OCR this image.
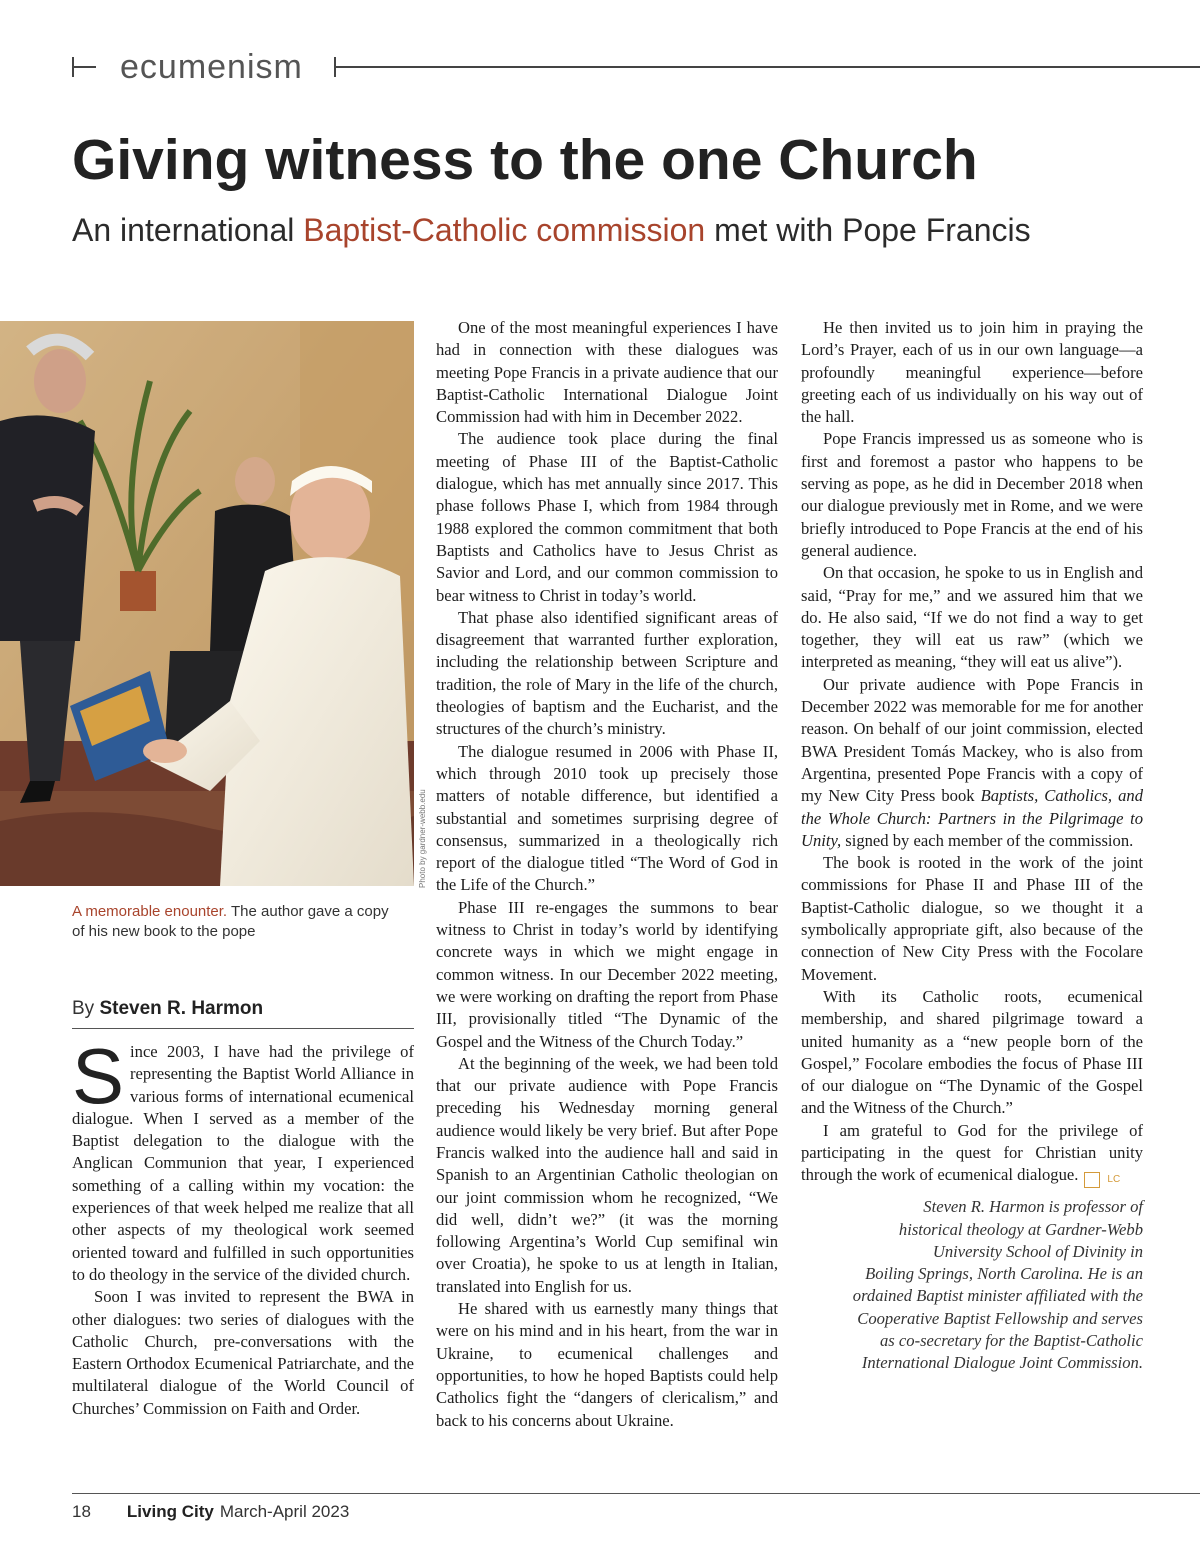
ecumenism
Giving witness to the one Church

An international Baptist-Catholic commission met with Pope Francis

Photo by gardner-webb.edu
A memorable enounter. The author gave a copy of his new book to the pope
By Steven R. Harmon

Since 2003, I have had the privilege of representing the Baptist World Alliance in various forms of international ecumenical dialogue. When I served as a member of the Baptist delegation to the dialogue with the Anglican Communion that year, I experienced something of a calling within my vocation: the experiences of that week helped me realize that all other aspects of my theological work seemed oriented toward and fulfilled in such opportunities to do theology in the service of the divided church.

Soon I was invited to represent the BWA in other dialogues: two series of dialogues with the Catholic Church, pre-conversations with the Eastern Orthodox Ecumenical Patriarchate, and the multilateral dialogue of the World Council of Churches’ Commission on Faith and Order.

One of the most meaningful experiences I have had in connection with these dialogues was meeting Pope Francis in a private audience that our Baptist-Catholic International Dialogue Joint Commission had with him in December 2022.

The audience took place during the final meeting of Phase III of the Baptist-Catholic dialogue, which has met annually since 2017. This phase follows Phase I, which from 1984 through 1988 explored the common commitment that both Baptists and Catholics have to Jesus Christ as Savior and Lord, and our common commission to bear witness to Christ in today’s world.

That phase also identified significant areas of disagreement that warranted further exploration, including the relationship between Scripture and tradition, the role of Mary in the life of the church, theologies of baptism and the Eucharist, and the structures of the church’s ministry.

The dialogue resumed in 2006 with Phase II, which through 2010 took up precisely those matters of notable difference, but identified a substantial and sometimes surprising degree of consensus, summarized in a theologically rich report of the dialogue titled “The Word of God in the Life of the Church.”

Phase III re-engages the summons to bear witness to Christ in today’s world by identifying concrete ways in which we might engage in common witness. In our December 2022 meeting, we were working on drafting the report from Phase III, provisionally titled “The Dynamic of the Gospel and the Witness of the Church Today.”

At the beginning of the week, we had been told that our private audience with Pope Francis preceding his Wednesday morning general audience would likely be very brief. But after Pope Francis walked into the audience hall and said in Spanish to an Argentinian Catholic theologian on our joint commission whom he recognized, “We did well, didn’t we?” (it was the morning following Argentina’s World Cup semifinal win over Croatia), he spoke to us at length in Italian, translated into English for us.

He shared with us earnestly many things that were on his mind and in his heart, from the war in Ukraine, to ecumenical challenges and opportunities, to how he hoped Baptists could help Catholics fight the “dangers of clericalism,” and back to his concerns about Ukraine.

He then invited us to join him in praying the Lord’s Prayer, each of us in our own language—a profoundly meaningful experience—before greeting each of us individually on his way out of the hall.

Pope Francis impressed us as someone who is first and foremost a pastor who happens to be serving as pope, as he did in December 2018 when our dialogue previously met in Rome, and we were briefly introduced to Pope Francis at the end of his general audience.

On that occasion, he spoke to us in English and said, “Pray for me,” and we assured him that we do. He also said, “If we do not find a way to get together, they will eat us raw” (which we interpreted as meaning, “they will eat us alive”).

Our private audience with Pope Francis in December 2022 was memorable for me for another reason. On behalf of our joint commission, elected BWA President Tomás Mackey, who is also from Argentina, presented Pope Francis with a copy of my New City Press book Baptists, Catholics, and the Whole Church: Partners in the Pilgrimage to Unity, signed by each member of the commission.

The book is rooted in the work of the joint commissions for Phase II and Phase III of the Baptist-Catholic dialogue, so we thought it a symbolically appropriate gift, also because of the connection of New City Press with the Focolare Movement.

With its Catholic roots, ecumenical membership, and shared pilgrimage toward a united humanity as a “new people born of the Gospel,” Focolare embodies the focus of Phase III of our dialogue on “The Dynamic of the Gospel and the Witness of the Church.”

I am grateful to God for the privilege of participating in the quest for Christian unity through the work of ecumenical dialogue.	LC

Steven R. Harmon is professor of
historical theology at Gardner-Webb
University School of Divinity in
Boiling Springs, North Carolina. He is an
ordained Baptist minister affiliated with the
Cooperative Baptist Fellowship and serves
as co-secretary for the Baptist-Catholic
International Dialogue Joint Commission.
18 Living City March-April 2023
